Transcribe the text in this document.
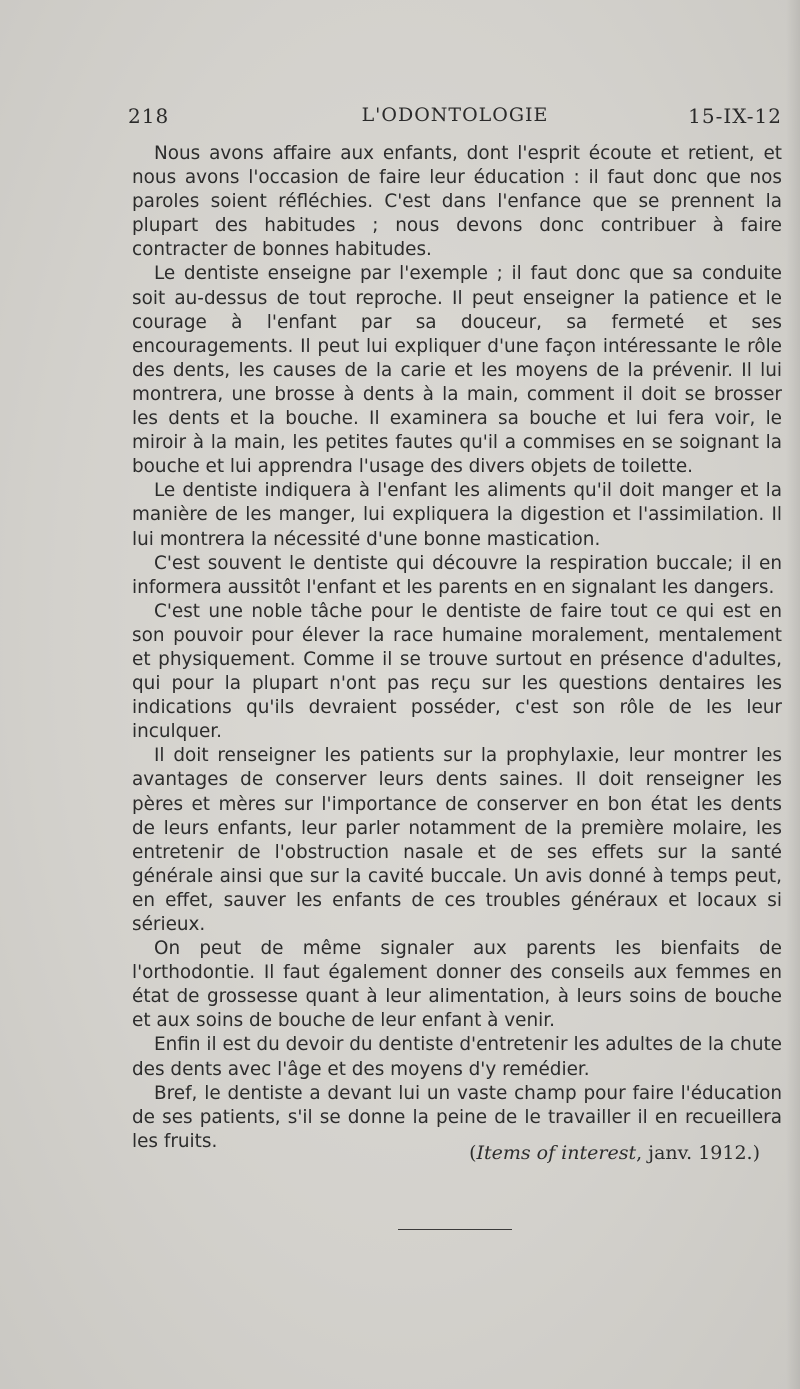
218	L'ODONTOLOGIE	15-IX-12

Nous avons affaire aux enfants, dont l'esprit écoute et retient, et nous avons l'occasion de faire leur éducation : il faut donc que nos paroles soient réfléchies. C'est dans l'enfance que se prennent la plupart des habitudes ; nous devons donc contribuer à faire contracter de bonnes habitudes.

Le dentiste enseigne par l'exemple ; il faut donc que sa conduite soit au-dessus de tout reproche. Il peut enseigner la patience et le courage à l'enfant par sa douceur, sa fermeté et ses encouragements. Il peut lui expliquer d'une façon intéressante le rôle des dents, les causes de la carie et les moyens de la prévenir. Il lui montrera, une brosse à dents à la main, comment il doit se brosser les dents et la bouche. Il examinera sa bouche et lui fera voir, le miroir à la main, les petites fautes qu'il a commises en se soignant la bouche et lui apprendra l'usage des divers objets de toilette.

Le dentiste indiquera à l'enfant les aliments qu'il doit manger et la manière de les manger, lui expliquera la digestion et l'assimilation. Il lui montrera la nécessité d'une bonne mastication.

C'est souvent le dentiste qui découvre la respiration buccale; il en informera aussitôt l'enfant et les parents en en signalant les dangers.

C'est une noble tâche pour le dentiste de faire tout ce qui est en son pouvoir pour élever la race humaine moralement, mentalement et physiquement. Comme il se trouve surtout en présence d'adultes, qui pour la plupart n'ont pas reçu sur les questions dentaires les indications qu'ils devraient posséder, c'est son rôle de les leur inculquer.

Il doit renseigner les patients sur la prophylaxie, leur montrer les avantages de conserver leurs dents saines. Il doit renseigner les pères et mères sur l'importance de conserver en bon état les dents de leurs enfants, leur parler notamment de la première molaire, les entretenir de l'obstruction nasale et de ses effets sur la santé générale ainsi que sur la cavité buccale. Un avis donné à temps peut, en effet, sauver les enfants de ces troubles généraux et locaux si sérieux.

On peut de même signaler aux parents les bienfaits de l'orthodontie. Il faut également donner des conseils aux femmes en état de grossesse quant à leur alimentation, à leurs soins de bouche et aux soins de bouche de leur enfant à venir.

Enfin il est du devoir du dentiste d'entretenir les adultes de la chute des dents avec l'âge et des moyens d'y remédier.

Bref, le dentiste a devant lui un vaste champ pour faire l'éducation de ses patients, s'il se donne la peine de le travailler il en recueillera les fruits.

(Items of interest, janv. 1912.)
